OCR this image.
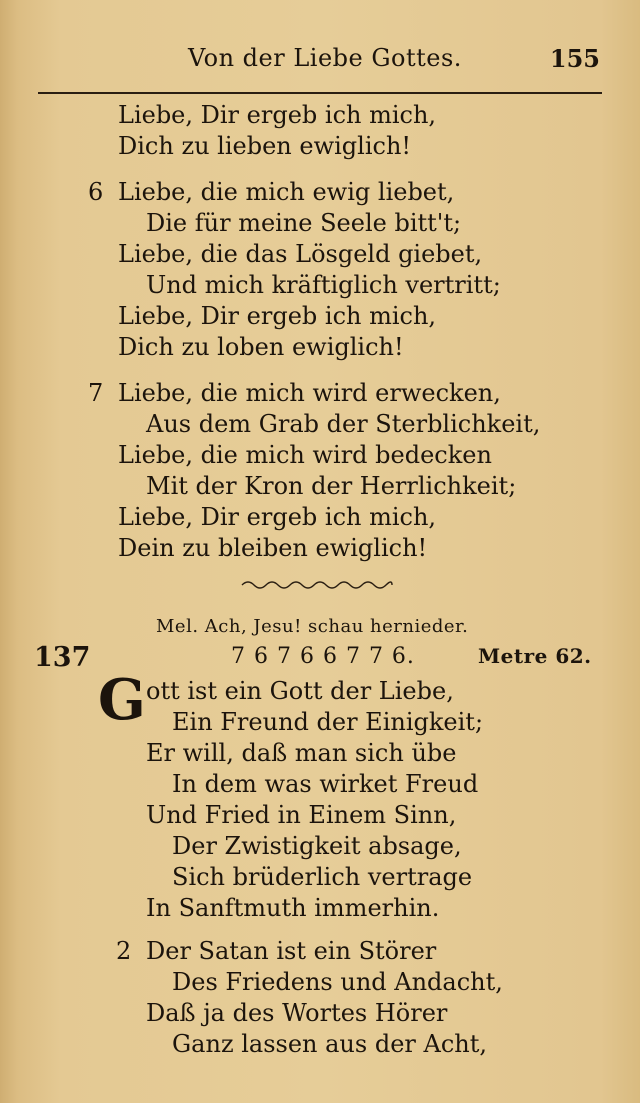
Von der Liebe Gottes.	155
Liebe, Dir ergeb ich mich,
Dich zu lieben ewiglich!
6 Liebe, die mich ewig liebet,
Die für meine Seele bitt't;
Liebe, die das Lösgeld giebet,
Und mich kräftiglich vertritt;
Liebe, Dir ergeb ich mich,
Dich zu loben ewiglich!
7 Liebe, die mich wird erwecken,
Aus dem Grab der Sterblichkeit,
Liebe, die mich wird bedecken
Mit der Kron der Herrlichkeit;
Liebe, Dir ergeb ich mich,
Dein zu bleiben ewiglich!
Mel. Ach, Jesu! schau hernieder.
137	7 6 7 6 6 7 7 6.	Metre 62.
G ott ist ein Gott der Liebe,
Ein Freund der Einigkeit;
Er will, daß man sich übe
In dem was wirket Freud
Und Fried in Einem Sinn,
Der Zwistigkeit absage,
Sich brüderlich vertrage
In Sanftmuth immerhin.
2 Der Satan ist ein Störer
Des Friedens und Andacht,
Daß ja des Wortes Hörer
Ganz lassen aus der Acht,
